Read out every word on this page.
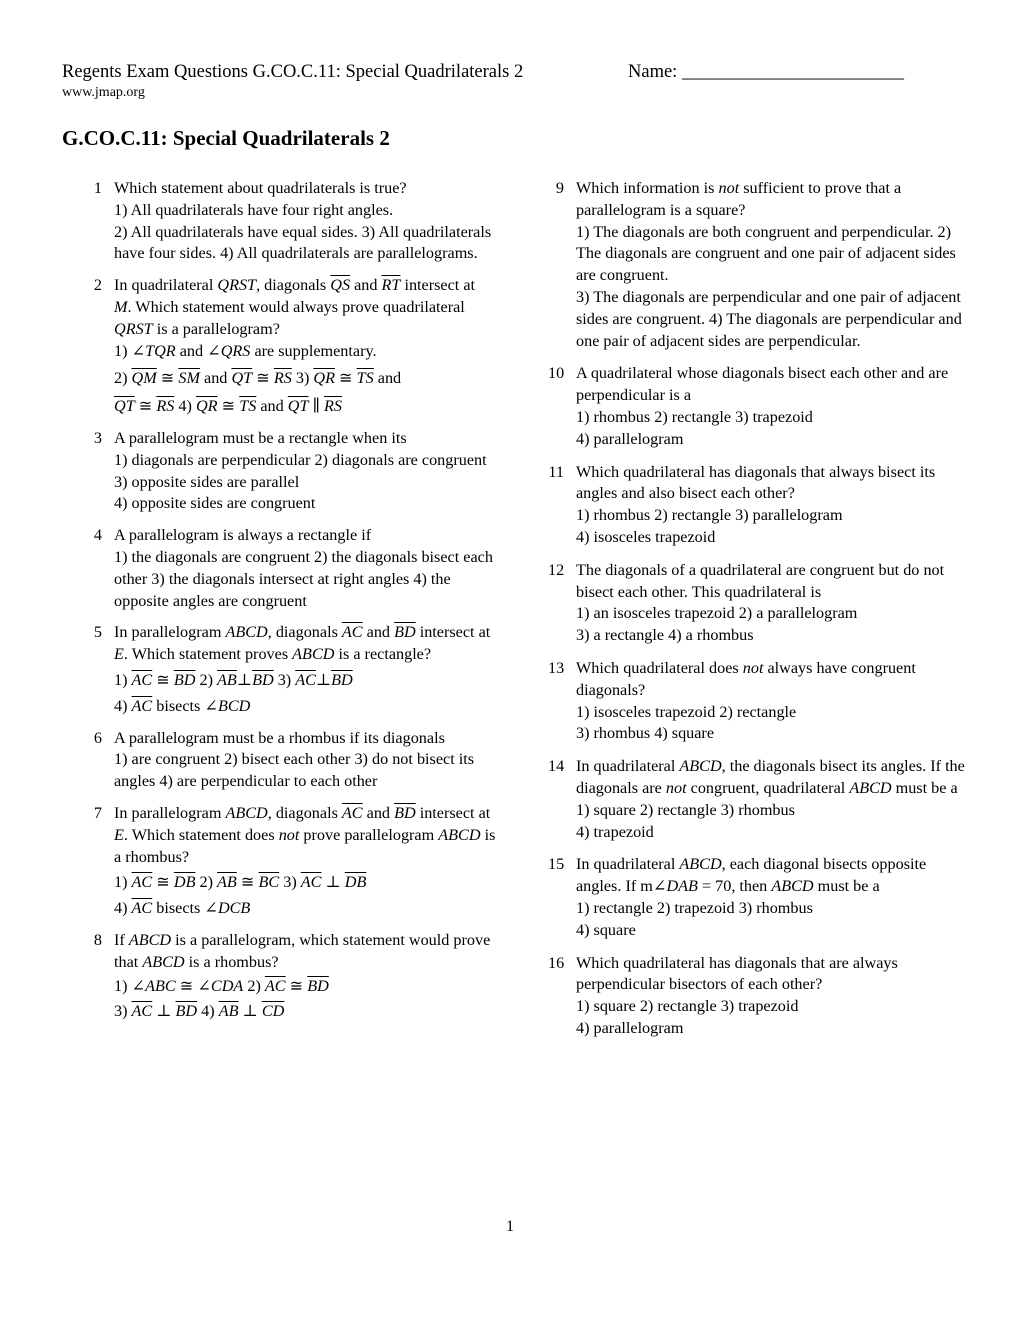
Regents Exam Questions G.CO.C.11: Special Quadrilaterals 2	Name: ________________________
www.jmap.org
G.CO.C.11: Special Quadrilaterals 2
1 Which statement about quadrilaterals is true?
1) All quadrilaterals have four right angles.
2) All quadrilaterals have equal sides. 3) All quadrilaterals have four sides. 4) All quadrilaterals are parallelograms.
2 In quadrilateral QRST, diagonals $\overline{QS}$ and $\overline{RT}$ intersect at M. Which statement would always prove quadrilateral QRST is a parallelogram?
1) ∠TQR and ∠QRS are supplementary.
2) $\overline{QM}$ ≅ $\overline{SM}$ and $\overline{QT}$ ≅ $\overline{RS}$ 3) $\overline{QR}$ ≅ $\overline{TS}$ and
$\overline{QT}$ ≅ $\overline{RS}$ 4) $\overline{QR}$ ≅ $\overline{TS}$ and $\overline{QT}$ ∥ $\overline{RS}$
3 A parallelogram must be a rectangle when its
1) diagonals are perpendicular 2) diagonals are congruent 3) opposite sides are parallel
4) opposite sides are congruent
4 A parallelogram is always a rectangle if
1) the diagonals are congruent 2) the diagonals bisect each other 3) the diagonals intersect at right angles 4) the opposite angles are congruent
5 In parallelogram ABCD, diagonals $\overline{AC}$ and $\overline{BD}$ intersect at E. Which statement proves ABCD is a rectangle?
1) $\overline{AC}$ ≅ $\overline{BD}$ 2) $\overline{AB}\perp\overline{BD}$ 3) $\overline{AC}\perp\overline{BD}$
4) $\overline{AC}$ bisects ∠BCD
6 A parallelogram must be a rhombus if its diagonals
1) are congruent 2) bisect each other 3) do not bisect its angles 4) are perpendicular to each other
7 In parallelogram ABCD, diagonals $\overline{AC}$ and $\overline{BD}$ intersect at E. Which statement does not prove parallelogram ABCD is a rhombus?
1) $\overline{AC}$ ≅ $\overline{DB}$ 2) $\overline{AB}$ ≅ $\overline{BC}$ 3) $\overline{AC}$ ⊥ $\overline{DB}$
4) $\overline{AC}$ bisects ∠DCB
8 If ABCD is a parallelogram, which statement would prove that ABCD is a rhombus?
1) ∠ABC ≅ ∠CDA 2) $\overline{AC}$ ≅ $\overline{BD}$
3) $\overline{AC}$ ⊥ $\overline{BD}$ 4) $\overline{AB}$ ⊥ $\overline{CD}$
9 Which information is not sufficient to prove that a parallelogram is a square?
1) The diagonals are both congruent and perpendicular. 2) The diagonals are congruent and one pair of adjacent sides are congruent.
3) The diagonals are perpendicular and one pair of adjacent sides are congruent. 4) The diagonals are perpendicular and one pair of adjacent sides are perpendicular.
10 A quadrilateral whose diagonals bisect each other and are perpendicular is a
1) rhombus 2) rectangle 3) trapezoid
4) parallelogram
11 Which quadrilateral has diagonals that always bisect its angles and also bisect each other?
1) rhombus 2) rectangle 3) parallelogram
4) isosceles trapezoid
12 The diagonals of a quadrilateral are congruent but do not bisect each other. This quadrilateral is
1) an isosceles trapezoid 2) a parallelogram
3) a rectangle 4) a rhombus
13 Which quadrilateral does not always have congruent diagonals?
1) isosceles trapezoid 2) rectangle
3) rhombus 4) square
14 In quadrilateral ABCD, the diagonals bisect its angles. If the diagonals are not congruent, quadrilateral ABCD must be a
1) square 2) rectangle 3) rhombus
4) trapezoid
15 In quadrilateral ABCD, each diagonal bisects opposite angles. If m∠DAB = 70, then ABCD must be a
1) rectangle 2) trapezoid 3) rhombus
4) square
16 Which quadrilateral has diagonals that are always perpendicular bisectors of each other?
1) square 2) rectangle 3) trapezoid
4) parallelogram
1
